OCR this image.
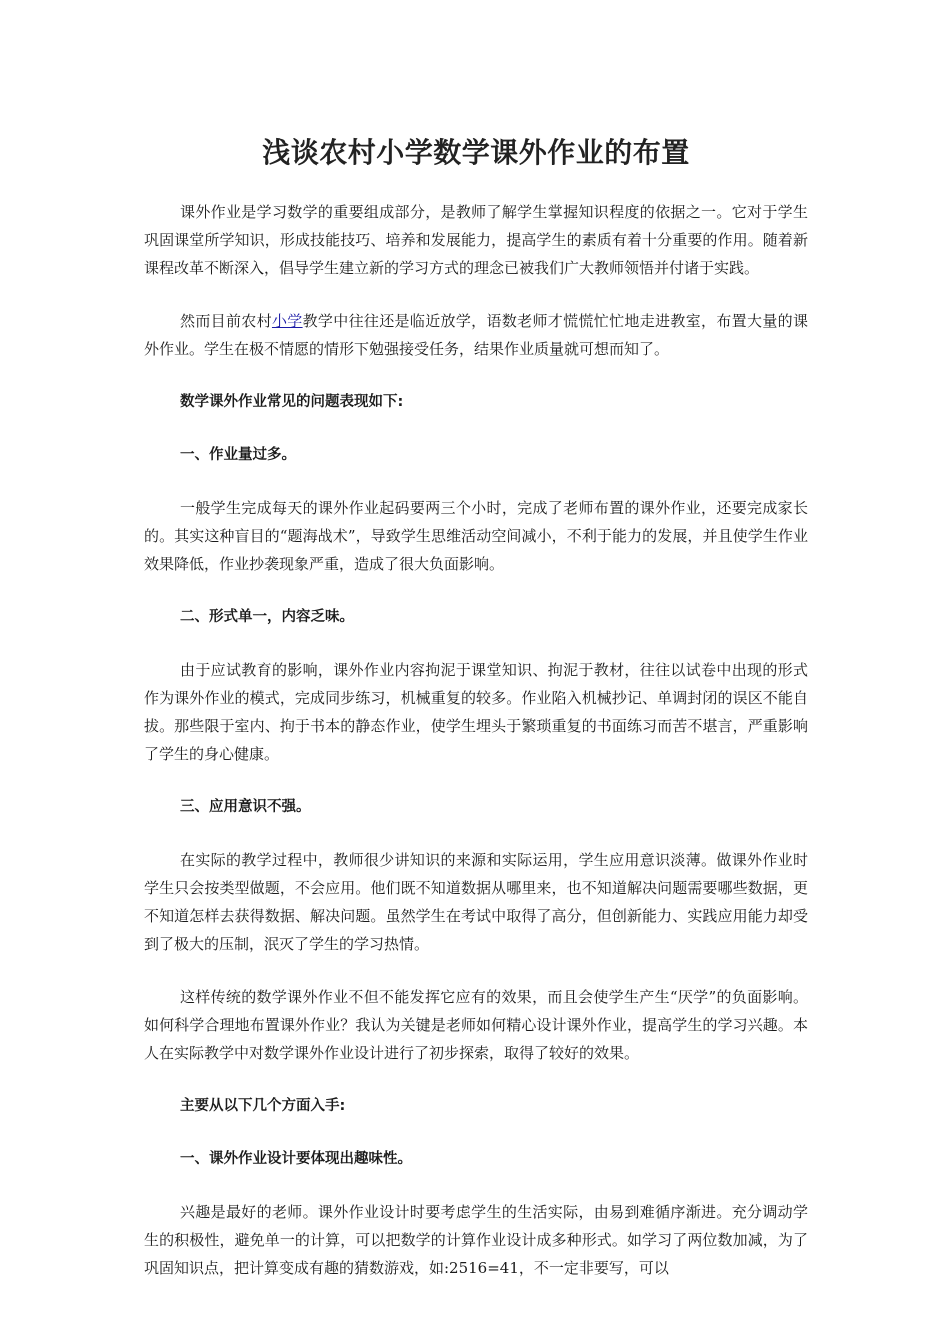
浅谈农村小学数学课外作业的布置

课外作业是学习数学的重要组成部分，是教师了解学生掌握知识程度的依据之一。它对于学生巩固课堂所学知识，形成技能技巧、培养和发展能力，提高学生的素质有着十分重要的作用。随着新课程改革不断深入，倡导学生建立新的学习方式的理念已被我们广大教师领悟并付诸于实践。

然而目前农村小学教学中往往还是临近放学，语数老师才慌慌忙忙地走进教室，布置大量的课外作业。学生在极不情愿的情形下勉强接受任务，结果作业质量就可想而知了。

数学课外作业常见的问题表现如下:

一、作业量过多。

一般学生完成每天的课外作业起码要两三个小时，完成了老师布置的课外作业，还要完成家长的。其实这种盲目的“题海战术”，导致学生思维活动空间减小，不利于能力的发展，并且使学生作业效果降低，作业抄袭现象严重，造成了很大负面影响。

二、形式单一，内容乏味。

由于应试教育的影响，课外作业内容拘泥于课堂知识、拘泥于教材，往往以试卷中出现的形式作为课外作业的模式，完成同步练习，机械重复的较多。作业陷入机械抄记、单调封闭的误区不能自拔。那些限于室内、拘于书本的静态作业，使学生埋头于繁琐重复的书面练习而苦不堪言，严重影响了学生的身心健康。

三、应用意识不强。

在实际的教学过程中，教师很少讲知识的来源和实际运用，学生应用意识淡薄。做课外作业时学生只会按类型做题，不会应用。他们既不知道数据从哪里来，也不知道解决问题需要哪些数据，更不知道怎样去获得数据、解决问题。虽然学生在考试中取得了高分，但创新能力、实践应用能力却受到了极大的压制，泯灭了学生的学习热情。

这样传统的数学课外作业不但不能发挥它应有的效果，而且会使学生产生“厌学”的负面影响。如何科学合理地布置课外作业？我认为关键是老师如何精心设计课外作业，提高学生的学习兴趣。本人在实际教学中对数学课外作业设计进行了初步探索，取得了较好的效果。

主要从以下几个方面入手:

一、课外作业设计要体现出趣味性。

兴趣是最好的老师。课外作业设计时要考虑学生的生活实际，由易到难循序渐进。充分调动学生的积极性，避免单一的计算，可以把数学的计算作业设计成多种形式。如学习了两位数加减，为了巩固知识点，把计算变成有趣的猜数游戏，如:2516=41，不一定非要写，可以
